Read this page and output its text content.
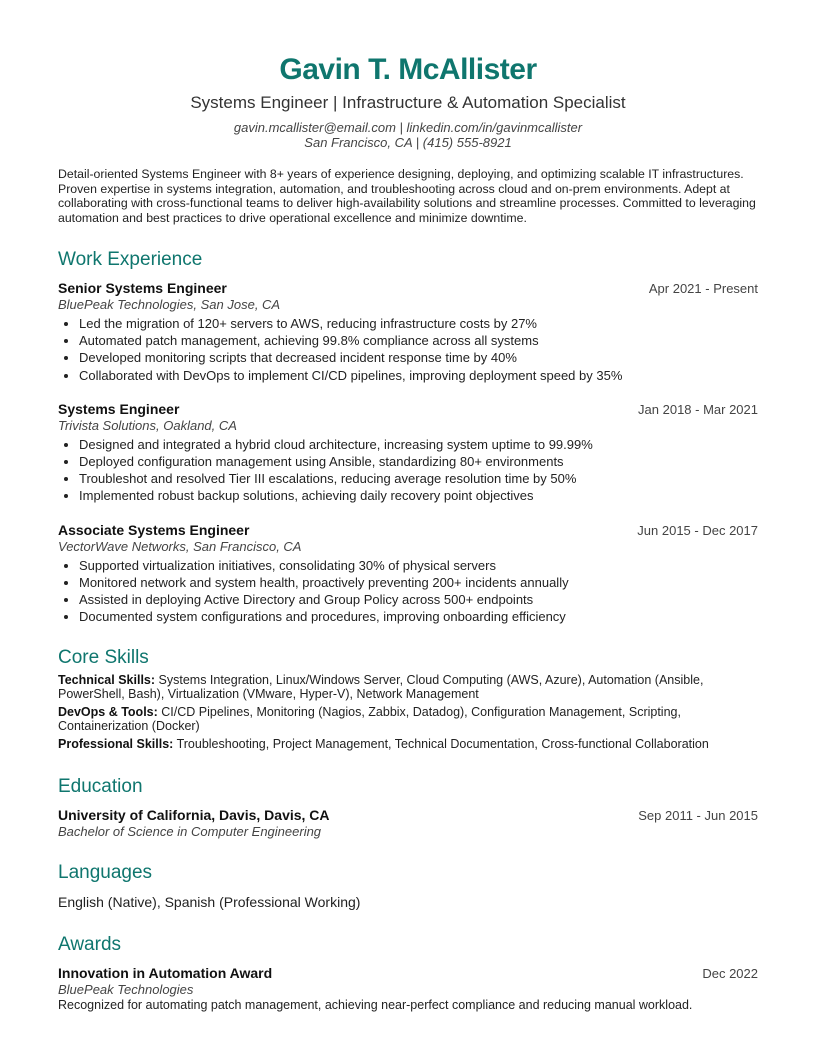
Gavin T. McAllister
Systems Engineer | Infrastructure & Automation Specialist
gavin.mcallister@email.com | linkedin.com/in/gavinmcallister
San Francisco, CA | (415) 555-8921

Detail-oriented Systems Engineer with 8+ years of experience designing, deploying, and optimizing scalable IT infrastructures. Proven expertise in systems integration, automation, and troubleshooting across cloud and on-prem environments. Adept at collaborating with cross-functional teams to deliver high-availability solutions and streamline processes. Committed to leveraging automation and best practices to drive operational excellence and minimize downtime.

Work Experience
Senior Systems Engineer	Apr 2021 - Present
BluePeak Technologies, San Jose, CA
• Led the migration of 120+ servers to AWS, reducing infrastructure costs by 27%
• Automated patch management, achieving 99.8% compliance across all systems
• Developed monitoring scripts that decreased incident response time by 40%
• Collaborated with DevOps to implement CI/CD pipelines, improving deployment speed by 35%
Systems Engineer	Jan 2018 - Mar 2021
Trivista Solutions, Oakland, CA
• Designed and integrated a hybrid cloud architecture, increasing system uptime to 99.99%
• Deployed configuration management using Ansible, standardizing 80+ environments
• Troubleshot and resolved Tier III escalations, reducing average resolution time by 50%
• Implemented robust backup solutions, achieving daily recovery point objectives
Associate Systems Engineer	Jun 2015 - Dec 2017
VectorWave Networks, San Francisco, CA
• Supported virtualization initiatives, consolidating 30% of physical servers
• Monitored network and system health, proactively preventing 200+ incidents annually
• Assisted in deploying Active Directory and Group Policy across 500+ endpoints
• Documented system configurations and procedures, improving onboarding efficiency
Core Skills
Technical Skills: Systems Integration, Linux/Windows Server, Cloud Computing (AWS, Azure), Automation (Ansible, PowerShell, Bash), Virtualization (VMware, Hyper-V), Network Management
DevOps & Tools: CI/CD Pipelines, Monitoring (Nagios, Zabbix, Datadog), Configuration Management, Scripting, Containerization (Docker)
Professional Skills: Troubleshooting, Project Management, Technical Documentation, Cross-functional Collaboration
Education
University of California, Davis, Davis, CA	Sep 2011 - Jun 2015
Bachelor of Science in Computer Engineering
Languages
English (Native), Spanish (Professional Working)
Awards
Innovation in Automation Award	Dec 2022
BluePeak Technologies
Recognized for automating patch management, achieving near-perfect compliance and reducing manual workload.
